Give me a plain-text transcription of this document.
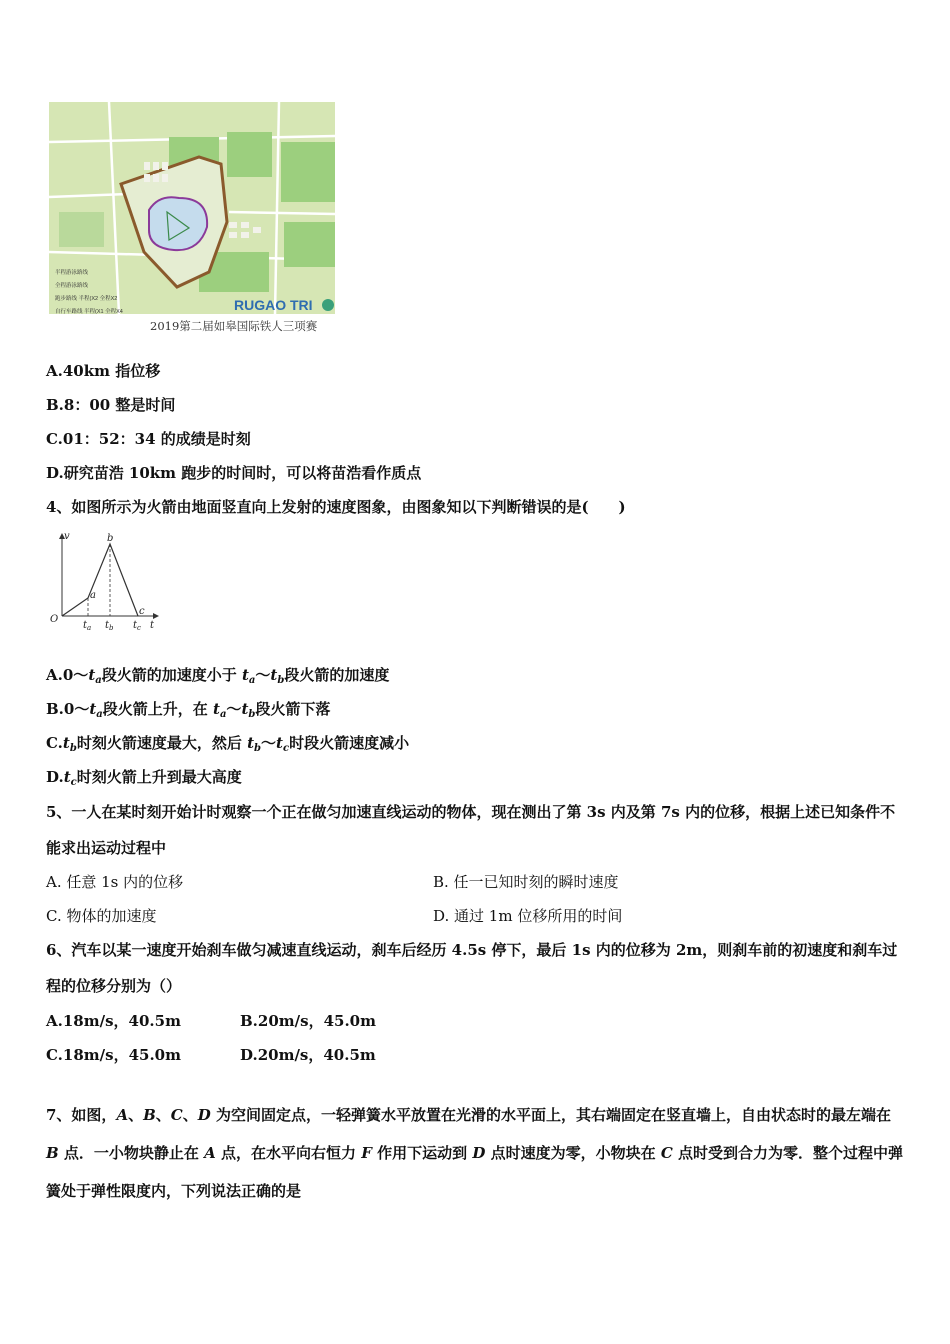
半程游泳路线
全程游泳路线
跑步路线 半程(X2 全程X2
自行车路线 半程(X1 全程X4	RUGAO TRI
2019第二届如皋国际铁人三项赛
A.40km 指位移
B.8：00 整是时间
C.01：52：34 的成绩是时刻
D.研究苗浩 10km 跑步的时间时，可以将苗浩看作质点
4、如图所示为火箭由地面竖直向上发射的速度图象，由图象知以下判断错误的是(　　)
v
O
t
a
b
c
$t_a$ $t_b$ $t_c$
$A.0\sim t_a$段火箭的加速度小于 $t_a\sim t_b$段火箭的加速度
$B.0\sim t_a$段火箭上升，在 $t_a\sim t_b$段火箭下落
$C.t_b$时刻火箭速度最大，然后 $t_b\sim t_c$时段火箭速度减小
$D.t_c$时刻火箭上升到最大高度
5、一人在某时刻开始计时观察一个正在做匀加速直线运动的物体，现在测出了第 3s 内及第 7s 内的位移，根据上述已知条件不能求出运动过程中
A. 任意 1s 内的位移	B. 任一已知时刻的瞬时速度
C. 物体的加速度	D. 通过 1m 位移所用的时间
6、汽车以某一速度开始刹车做匀减速直线运动，刹车后经历 4.5s 停下，最后 1s 内的位移为 2m，则刹车前的初速度和刹车过程的位移分别为（）
A.18m/s，40.5m	B.20m/s，45.0m
C.18m/s，45.0m	D.20m/s，40.5m
7、如图，A、B、C、D 为空间固定点，一轻弹簧水平放置在光滑的水平面上，其右端固定在竖直墙上，自由状态时的最左端在 B 点．一小物块静止在 A 点，在水平向右恒力 F 作用下运动到 D 点时速度为零，小物块在 C 点时受到合力为零．整个过程中弹簧处于弹性限度内，下列说法正确的是
